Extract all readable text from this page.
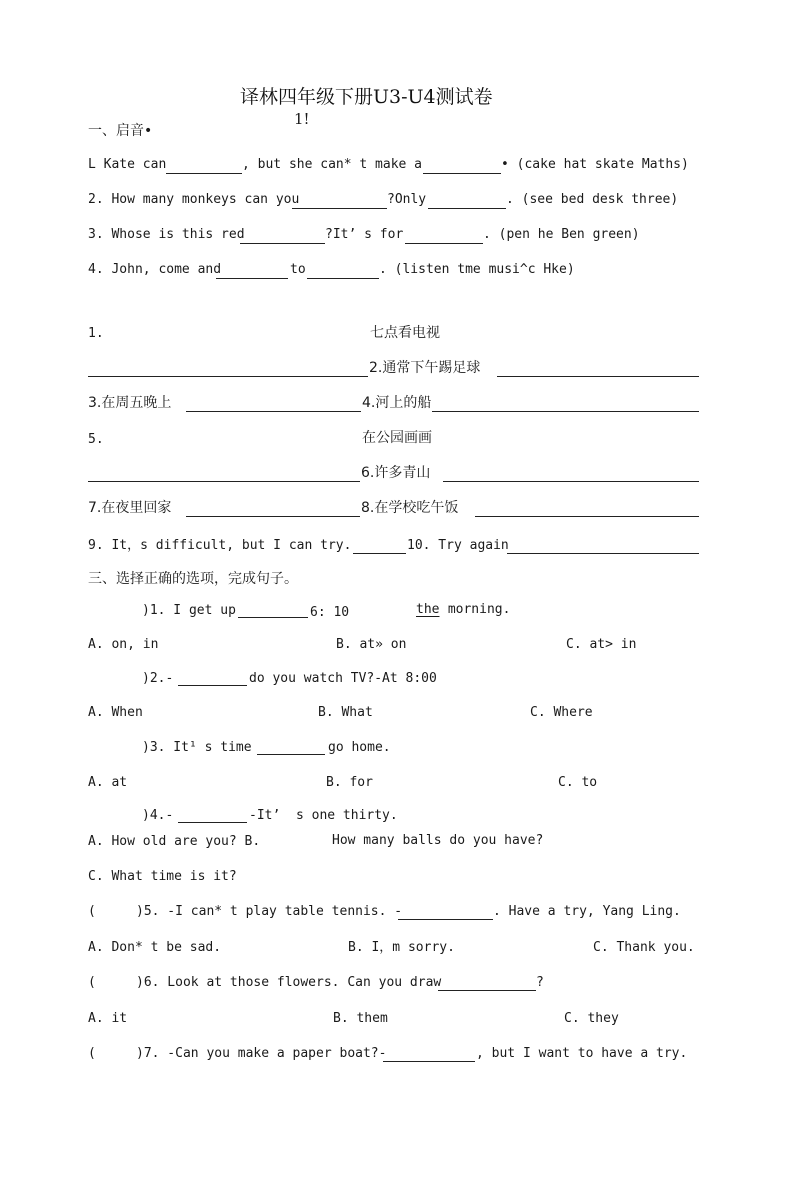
译林四年级下册U3-U4测试卷
1!
一、启音•
L Kate can	, but she can* t make a	• (cake hat skate Maths)
2. How many monkeys can you	?Only	. (see bed desk three)
3. Whose is this red	?It’ s for	. (pen he Ben green)
4. John, come and	to	. (listen tme musi^c Hke)
1.	七点看电视
2.通常下午踢足球
3.在周五晚上	4.河上的船
5.	在公园画画
6.许多青山
7.在夜里回家	8.在学校吃午饭
9. It，s difficult, but I can try.	10. Try again
三、选择正确的选项，完成句子。
)1. I get up	6: 10	the morning.
A. on, in	B. at» on	C. at> in
)2.-	do you watch TV?-At 8:00
A. When	B. What	C. Where
)3. It¹ s time	go home.
A. at	B. for	C. to
)4.-	-It’  s one thirty.
A. How old are you? B.	How many balls do you have?
C. What time is it?
(	)5. -I can* t play table tennis. -	. Have a try, Yang Ling.
A. Don* t be sad.	B. I，m sorry.	C. Thank you.
(	)6. Look at those flowers. Can you draw	?
A. it	B. them	C. they
(	)7. -Can you make a paper boat?-	, but I want to have a try.
